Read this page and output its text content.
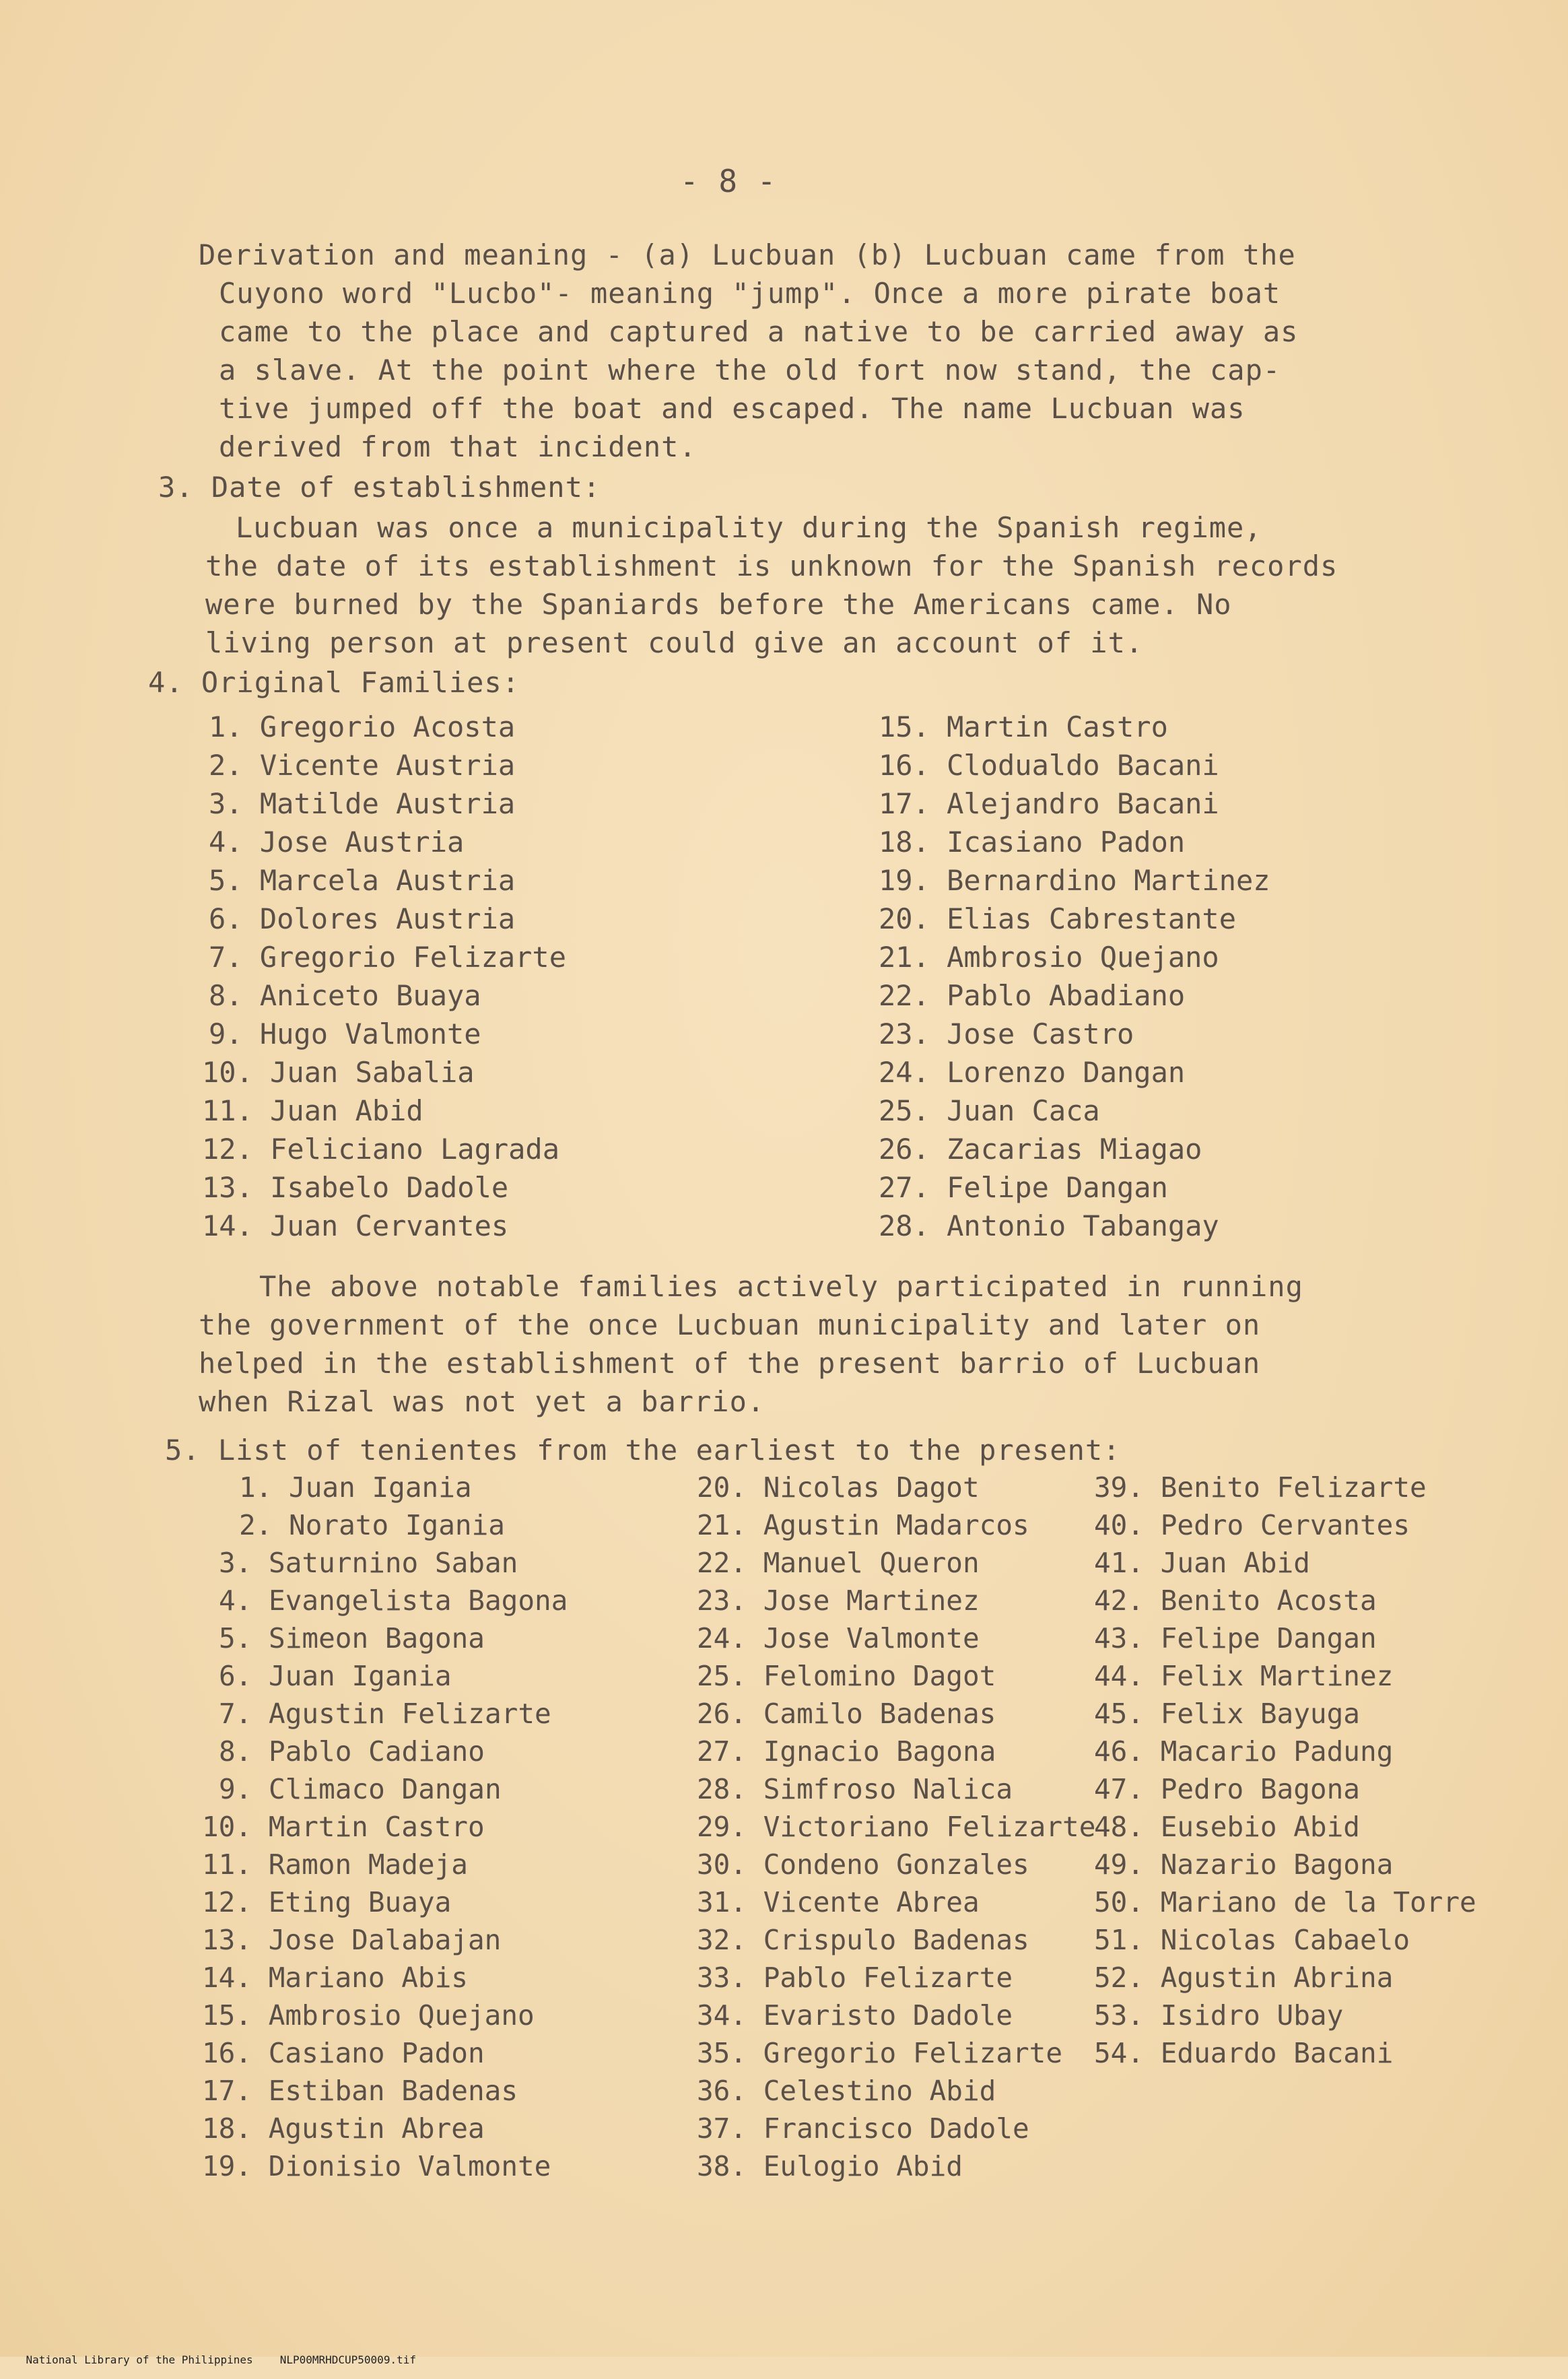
- 8 -
Derivation and meaning - (a) Lucbuan (b) Lucbuan came from the
Cuyono word "Lucbo"- meaning "jump". Once a more pirate boat
came to the place and captured a native to be carried away as
a slave. At the point where the old fort now stand, the cap-
tive jumped off the boat and escaped. The name Lucbuan was
derived from that incident.
3. Date of establishment:
Lucbuan was once a municipality during the Spanish regime,
the date of its establishment is unknown for the Spanish records
were burned by the Spaniards before the Americans came. No
living person at present could give an account of it.
4. Original Families:
1. Gregorio Acosta
2. Vicente Austria
3. Matilde Austria
4. Jose Austria
5. Marcela Austria
6. Dolores Austria
7. Gregorio Felizarte
8. Aniceto Buaya
9. Hugo Valmonte
10. Juan Sabalia
11. Juan Abid
12. Feliciano Lagrada
13. Isabelo Dadole
14. Juan Cervantes
15. Martin Castro
16. Clodualdo Bacani
17. Alejandro Bacani
18. Icasiano Padon
19. Bernardino Martinez
20. Elias Cabrestante
21. Ambrosio Quejano
22. Pablo Abadiano
23. Jose Castro
24. Lorenzo Dangan
25. Juan Caca
26. Zacarias Miagao
27. Felipe Dangan
28. Antonio Tabangay
The above notable families actively participated in running
the government of the once Lucbuan municipality and later on
helped in the establishment of the present barrio of Lucbuan
when Rizal was not yet a barrio.
5. List of tenientes from the earliest to the present:
1. Juan Igania
2. Norato Igania
3. Saturnino Saban
4. Evangelista Bagona
5. Simeon Bagona
6. Juan Igania
7. Agustin Felizarte
8. Pablo Cadiano
9. Climaco Dangan
10. Martin Castro
11. Ramon Madeja
12. Eting Buaya
13. Jose Dalabajan
14. Mariano Abis
15. Ambrosio Quejano
16. Casiano Padon
17. Estiban Badenas
18. Agustin Abrea
19. Dionisio Valmonte
20. Nicolas Dagot
21. Agustin Madarcos
22. Manuel Queron
23. Jose Martinez
24. Jose Valmonte
25. Felomino Dagot
26. Camilo Badenas
27. Ignacio Bagona
28. Simfroso Nalica
29. Victoriano Felizarte
30. Condeno Gonzales
31. Vicente Abrea
32. Crispulo Badenas
33. Pablo Felizarte
34. Evaristo Dadole
35. Gregorio Felizarte
36. Celestino Abid
37. Francisco Dadole
38. Eulogio Abid
39. Benito Felizarte
40. Pedro Cervantes
41. Juan Abid
42. Benito Acosta
43. Felipe Dangan
44. Felix Martinez
45. Felix Bayuga
46. Macario Padung
47. Pedro Bagona
48. Eusebio Abid
49. Nazario Bagona
50. Mariano de la Torre
51. Nicolas Cabaelo
52. Agustin Abrina
53. Isidro Ubay
54. Eduardo Bacani

National Library of the Philippines	NLP00MRHDCUP50009.tif
